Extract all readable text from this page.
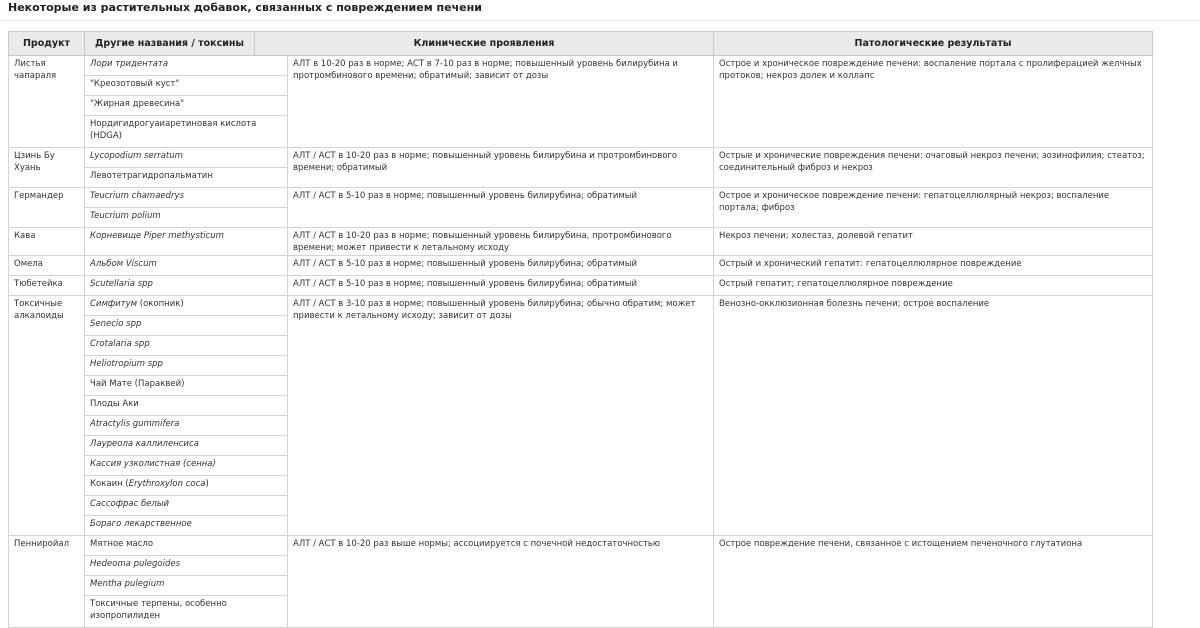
Некоторые из растительных добавок, связанных с повреждением печени
Продукт	Другие названия / токсины	Клинические проявления		Патологические результаты
Листья чапараля	Лори тридентата		АЛТ в 10-20 раз в норме; АСТ в 7-10 раз в норме; повышенный уровень билирубина и протромбинового времени; обратимый; зависит от дозы	Острое и хроническое повреждение печени: воспаление портала с пролиферацией желчных протоков; некроз долек и коллапс
	"Креозотовый куст"			
	"Жирная древесина"			
	Нордигидрогуаиаретиновая кислота (HDGA)			
Цзинь Бу Хуань	Lycopodium serratum		АЛТ / АСТ в 10-20 раз в норме; повышенный уровень билирубина и протромбинового времени; обратимый	Острые и хронические повреждения печени: очаговый некроз печени; эозинофилия; стеатоз; соединительный фиброз и некроз
	Левотетрагидропальматин			
Германдер	Teucrium chamaedrys		АЛТ / АСТ в 5-10 раз в норме; повышенный уровень билирубина; обратимый	Острое и хроническое повреждение печени: гепатоцеллюлярный некроз; воспаление портала; фиброз
	Teucrium polium			
Кава	Корневище Piper methysticum		АЛТ / АСТ в 10-20 раз в норме; повышенный уровень билирубина, протромбинового времени; может привести к летальному исходу	Некроз печени; холестаз, долевой гепатит
Омела	Альбом Viscum		АЛТ / АСТ в 5-10 раз в норме; повышенный уровень билирубина; обратимый	Острый и хронический гепатит: гепатоцеллюлярное повреждение
Тюбетейка	Scutellaria spp		АЛТ / АСТ в 5-10 раз в норме; повышенный уровень билирубина; обратимый	Острый гепатит; гепатоцеллюлярное повреждение
Токсичные алкалоиды	Симфитум (окопник)		АЛТ / АСТ в 3-10 раз в норме; повышенный уровень билирубина; обычно обратим; может привести к летальному исходу; зависит от дозы	Венозно-окклюзионная болезнь печени; острое воспаление
	Senecio spp			
	Crotalaria spp			
	Heliotropium spp			
	Чай Мате (Параквей)			
	Плоды Аки			
	Atractylis gummifera			
	Лауреола каллиленсиса			
	Кассия узколистная (сенна)			
	Кокаин (Erythroxylon coca)			
	Сассофрас белый			
	Бораго лекарственное			
Пенниройал	Мятное масло		АЛТ / АСТ в 10-20 раз выше нормы; ассоциируется с почечной недостаточностью	Острое повреждение печени, связанное с истощением печеночного глутатиона
	Hedeoma pulegoides			
	Mentha pulegium			
	Токсичные терпены, особенно изопропилиден			
